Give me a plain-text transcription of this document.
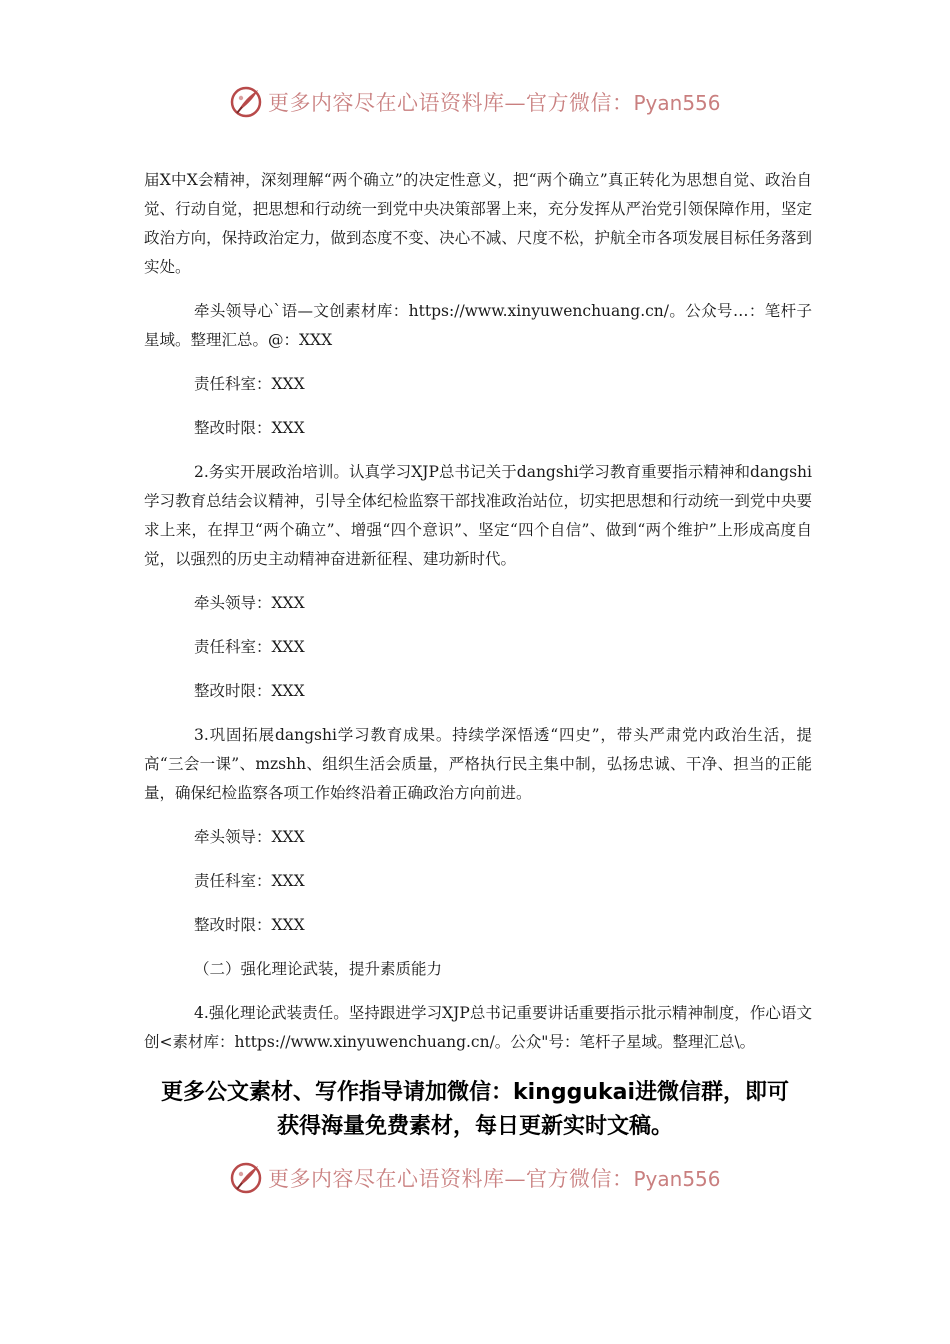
更多内容尽在心语资料库—官方微信：Pyan556

届X中X会精神，深刻理解“两个确立”的决定性意义，把“两个确立”真正转化为思想自觉、政治自觉、行动自觉，把思想和行动统一到党中央决策部署上来，充分发挥从严治党引领保障作用，坚定政治方向，保持政治定力，做到态度不变、决心不减、尺度不松，护航全市各项发展目标任务落到实处。

牵头领导心`语—文创素材库：https://www.xinyuwenchuang.cn/。公众号…：笔杆子星域。整理汇总。@：XXX

责任科室：XXX

整改时限：XXX

2.务实开展政治培训。认真学习XJP总书记关于dangshi学习教育重要指示精神和dangshi学习教育总结会议精神，引导全体纪检监察干部找准政治站位，切实把思想和行动统一到党中央要求上来，在捍卫“两个确立”、增强“四个意识”、坚定“四个自信”、做到“两个维护”上形成高度自觉，以强烈的历史主动精神奋进新征程、建功新时代。

牵头领导：XXX

责任科室：XXX

整改时限：XXX

3.巩固拓展dangshi学习教育成果。持续学深悟透“四史”，带头严肃党内政治生活，提高“三会一课”、mzshh、组织生活会质量，严格执行民主集中制，弘扬忠诚、干净、担当的正能量，确保纪检监察各项工作始终沿着正确政治方向前进。

牵头领导：XXX

责任科室：XXX

整改时限：XXX

（二）强化理论武装，提升素质能力

4.强化理论武装责任。坚持跟进学习XJP总书记重要讲话重要指示批示精神制度，作心语文创<素材库：https://www.xinyuwenchuang.cn/。公众"号：笔杆子星域。整理汇总\。

更多公文素材、写作指导请加微信：kinggukai进微信群，即可
获得海量免费素材，每日更新实时文稿。
更多内容尽在心语资料库—官方微信：Pyan556
